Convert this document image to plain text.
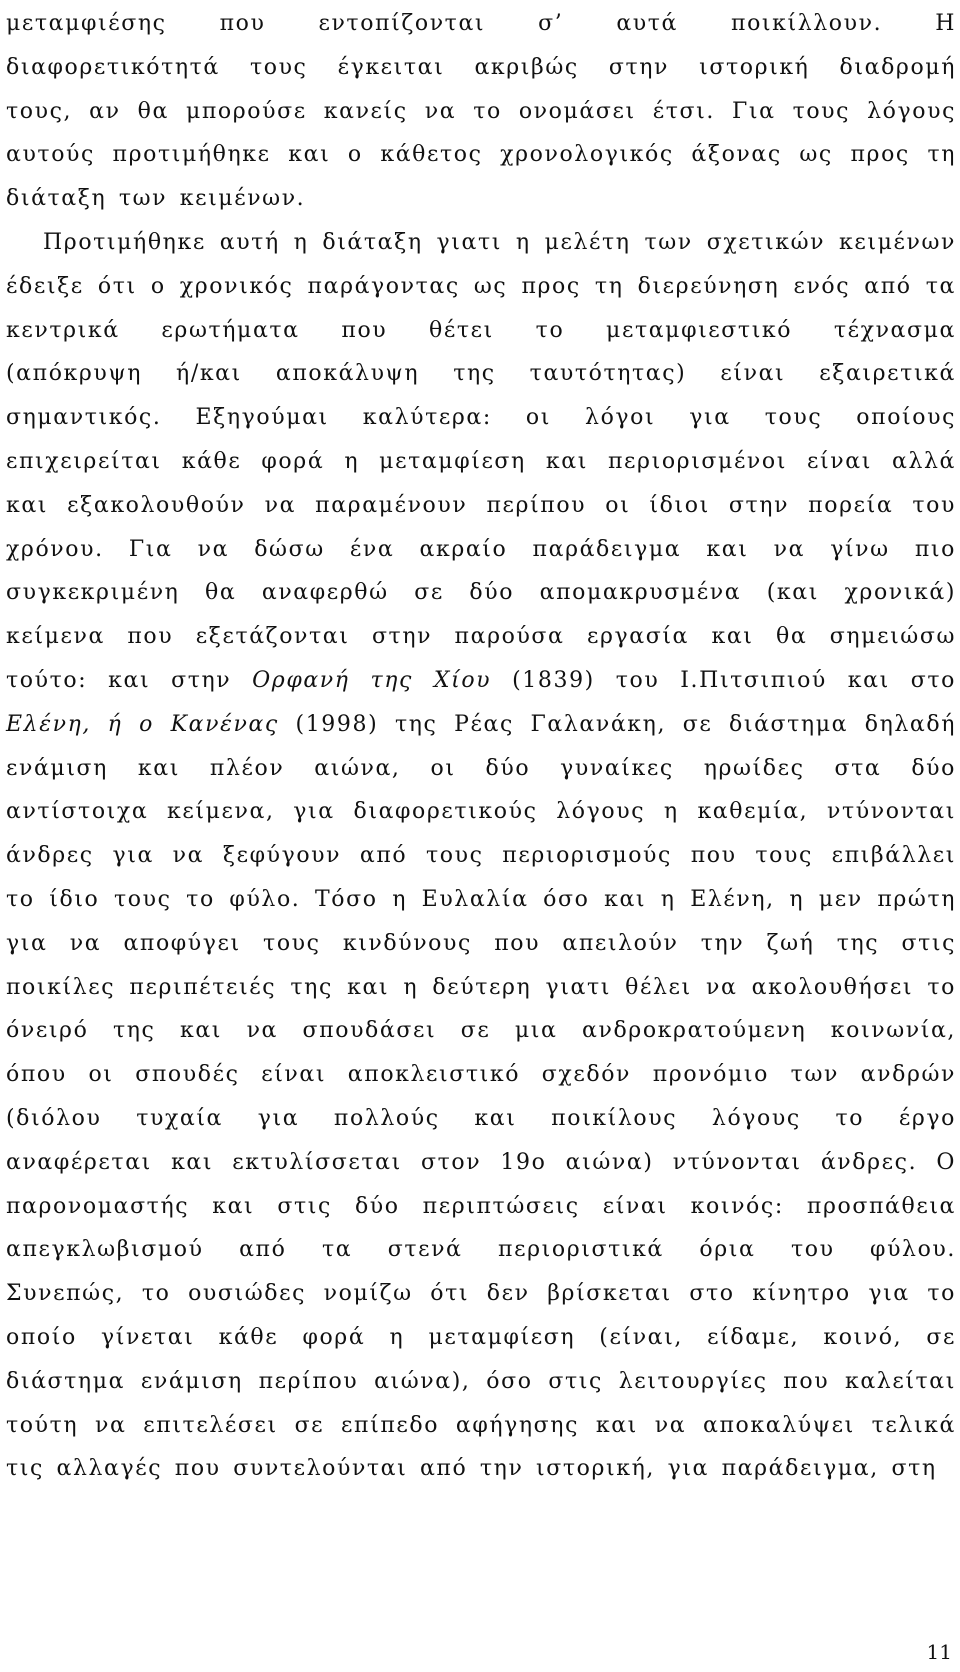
μεταμφιέσης που εντοπίζονται σ’ αυτά ποικίλλουν. Η
διαφορετικότητά τους έγκειται ακριβώς στην ιστορική διαδρομή
τους, αν θα μπορούσε κανείς να το ονομάσει έτσι. Για τους λόγους
αυτούς προτιμήθηκε και ο κάθετος χρονολογικός άξονας ως προς τη
διάταξη των κειμένων.
Προτιμήθηκε αυτή η διάταξη γιατι η μελέτη των σχετικών κειμένων
έδειξε ότι ο χρονικός παράγοντας ως προς τη διερεύνηση ενός από τα
κεντρικά ερωτήματα που θέτει το μεταμφιεστικό τέχνασμα
(απόκρυψη ή/και αποκάλυψη της ταυτότητας) είναι εξαιρετικά
σημαντικός. Εξηγούμαι καλύτερα: οι λόγοι για τους οποίους
επιχειρείται κάθε φορά η μεταμφίεση και περιορισμένοι είναι αλλά
και εξακολουθούν να παραμένουν περίπου οι ίδιοι στην πορεία του
χρόνου. Για να δώσω ένα ακραίο παράδειγμα και να γίνω πιο
συγκεκριμένη θα αναφερθώ σε δύο απομακρυσμένα (και χρονικά)
κείμενα που εξετάζονται στην παρούσα εργασία και θα σημειώσω
τούτο: και στην Ορφανή της Χίου (1839) του Ι.Πιτσιπιού και στο
Ελένη, ή ο Κανένας (1998) της Ρέας Γαλανάκη, σε διάστημα δηλαδή
ενάμιση και πλέον αιώνα, οι δύο γυναίκες ηρωίδες στα δύο
αντίστοιχα κείμενα, για διαφορετικούς λόγους η καθεμία, ντύνονται
άνδρες για να ξεφύγουν από τους περιορισμούς που τους επιβάλλει
το ίδιο τους το φύλο. Τόσο η Ευλαλία όσο και η Ελένη, η μεν πρώτη
για να αποφύγει τους κινδύνους που απειλούν την ζωή της στις
ποικίλες περιπέτειές της και η δεύτερη γιατι θέλει να ακολουθήσει το
όνειρό της και να σπουδάσει σε μια ανδροκρατούμενη κοινωνία,
όπου οι σπουδές είναι αποκλειστικό σχεδόν προνόμιο των ανδρών
(διόλου τυχαία για πολλούς και ποικίλους λόγους το έργο
αναφέρεται και εκτυλίσσεται στον 19ο αιώνα) ντύνονται άνδρες. Ο
παρονομαστής και στις δύο περιπτώσεις είναι κοινός: προσπάθεια
απεγκλωβισμού από τα στενά περιοριστικά όρια του φύλου.
Συνεπώς, το ουσιώδες νομίζω ότι δεν βρίσκεται στο κίνητρο για το
οποίο γίνεται κάθε φορά η μεταμφίεση (είναι, είδαμε, κοινό, σε
διάστημα ενάμιση περίπου αιώνα), όσο στις λειτουργίες που καλείται
τούτη να επιτελέσει σε επίπεδο αφήγησης και να αποκαλύψει τελικά
τις αλλαγές που συντελούνται από την ιστορική, για παράδειγμα, στη
11
